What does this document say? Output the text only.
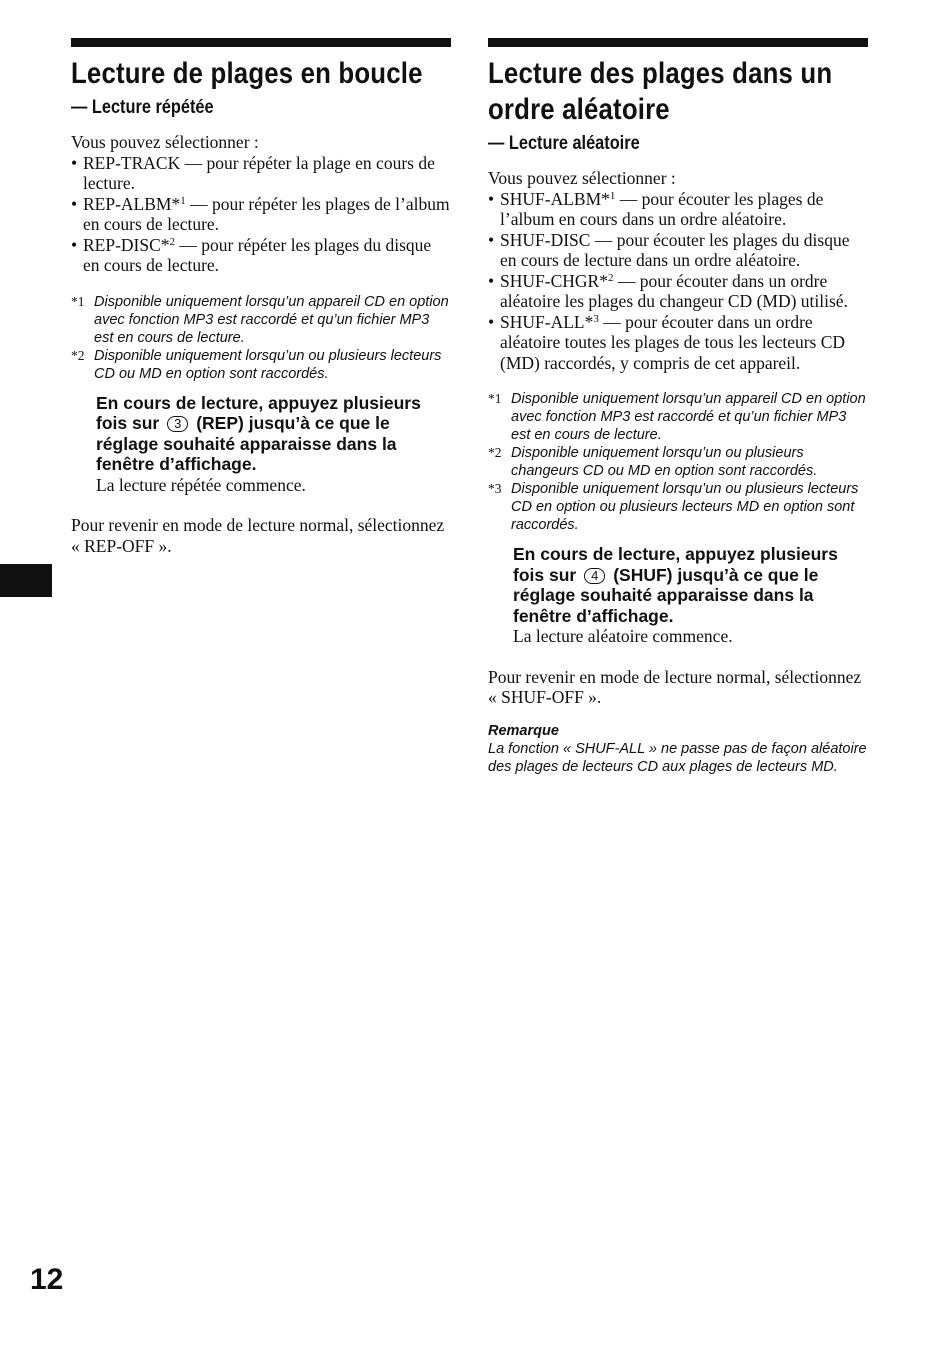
Lecture de plages en boucle
— Lecture répétée

Vous pouvez sélectionner :

• REP-TRACK — pour répéter la plage en cours de lecture.
• REP-ALBM*$^1$ — pour répéter les plages de l’album en cours de lecture.
• REP-DISC*$^2$ — pour répéter les plages du disque en cours de lecture.
*1 Disponible uniquement lorsqu’un appareil CD en option avec fonction MP3 est raccordé et qu’un fichier MP3 est en cours de lecture.
*2 Disponible uniquement lorsqu’un ou plusieurs lecteurs CD ou MD en option sont raccordés.
En cours de lecture, appuyez plusieurs fois sur 3 (REP) jusqu’à ce que le réglage souhaité apparaisse dans la fenêtre d’affichage.
La lecture répétée commence.

Pour revenir en mode de lecture normal, sélectionnez « REP-OFF ».

Lecture des plages dans un ordre aléatoire
— Lecture aléatoire

Vous pouvez sélectionner :

• SHUF-ALBM*$^1$ — pour écouter les plages de l’album en cours dans un ordre aléatoire.
• SHUF-DISC — pour écouter les plages du disque en cours de lecture dans un ordre aléatoire.
• SHUF-CHGR*$^2$ — pour écouter dans un ordre aléatoire les plages du changeur CD (MD) utilisé.
• SHUF-ALL*$^3$ — pour écouter dans un ordre aléatoire toutes les plages de tous les lecteurs CD (MD) raccordés, y compris de cet appareil.
*1 Disponible uniquement lorsqu’un appareil CD en option avec fonction MP3 est raccordé et qu’un fichier MP3 est en cours de lecture.
*2 Disponible uniquement lorsqu’un ou plusieurs changeurs CD ou MD en option sont raccordés.
*3 Disponible uniquement lorsqu’un ou plusieurs lecteurs CD en option ou plusieurs lecteurs MD en option sont raccordés.
En cours de lecture, appuyez plusieurs fois sur 4 (SHUF) jusqu’à ce que le réglage souhaité apparaisse dans la fenêtre d’affichage.
La lecture aléatoire commence.

Pour revenir en mode de lecture normal, sélectionnez « SHUF-OFF ».

Remarque
La fonction « SHUF-ALL » ne passe pas de façon aléatoire des plages de lecteurs CD aux plages de lecteurs MD.
12
